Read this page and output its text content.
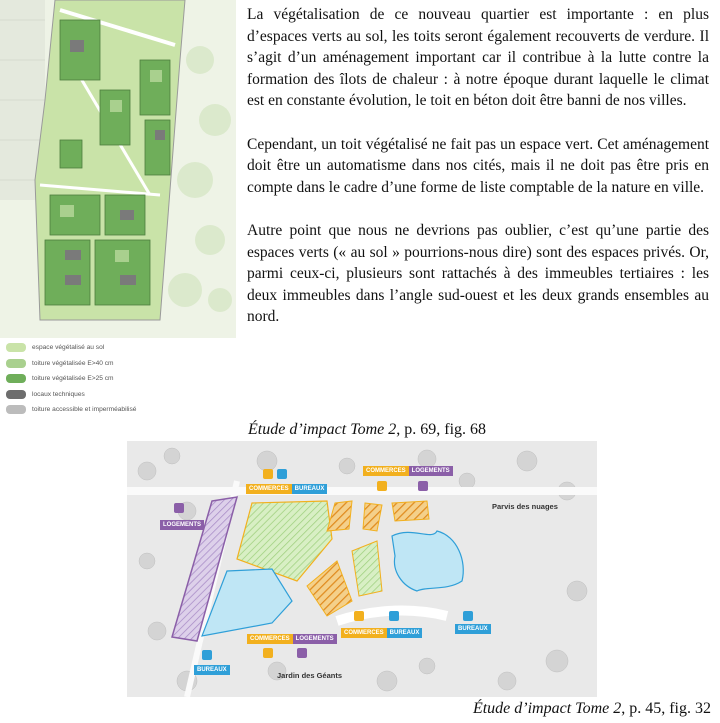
espace végétalisé au sol
toiture végétalisée E>40 cm
toiture végétalisée E>25 cm
locaux techniques
toiture accessible et imperméabilisé

La végétalisation de ce nouveau quartier est importante : en plus d’espaces verts au sol, les toits seront également recouverts de verdure. Il s’agit d’un aménagement important car il contribue à la lutte contre la formation des îlots de chaleur : à notre époque durant laquelle le climat est en constante évolution, le toit en béton doit être banni de nos villes.

Cependant, un toit végétalisé ne fait pas un espace vert. Cet aménagement doit être un automatisme dans nos cités, mais il ne doit pas être pris en compte dans le cadre d’une forme de liste comptable de la nature en ville.

Autre point que nous ne devrions pas oublier, c’est qu’une partie des espaces verts (« au sol » pourrions-nous dire) sont des espaces privés. Or, parmi ceux-ci, plusieurs sont rattachés à des immeubles tertiaires : les deux immeubles dans l’angle sud-ouest et les deux grands ensembles au nord.

Étude d’impact Tome 2, p. 69, fig. 68
LOGEMENTS
COMMERCES	BUREAUX
COMMERCES	LOGEMENTS
Parvis des nuages
COMMERCES	BUREAUX
BUREAUX
COMMERCES	LOGEMENTS
BUREAUX
Jardin des Géants
Étude d’impact Tome 2, p. 45, fig. 32
